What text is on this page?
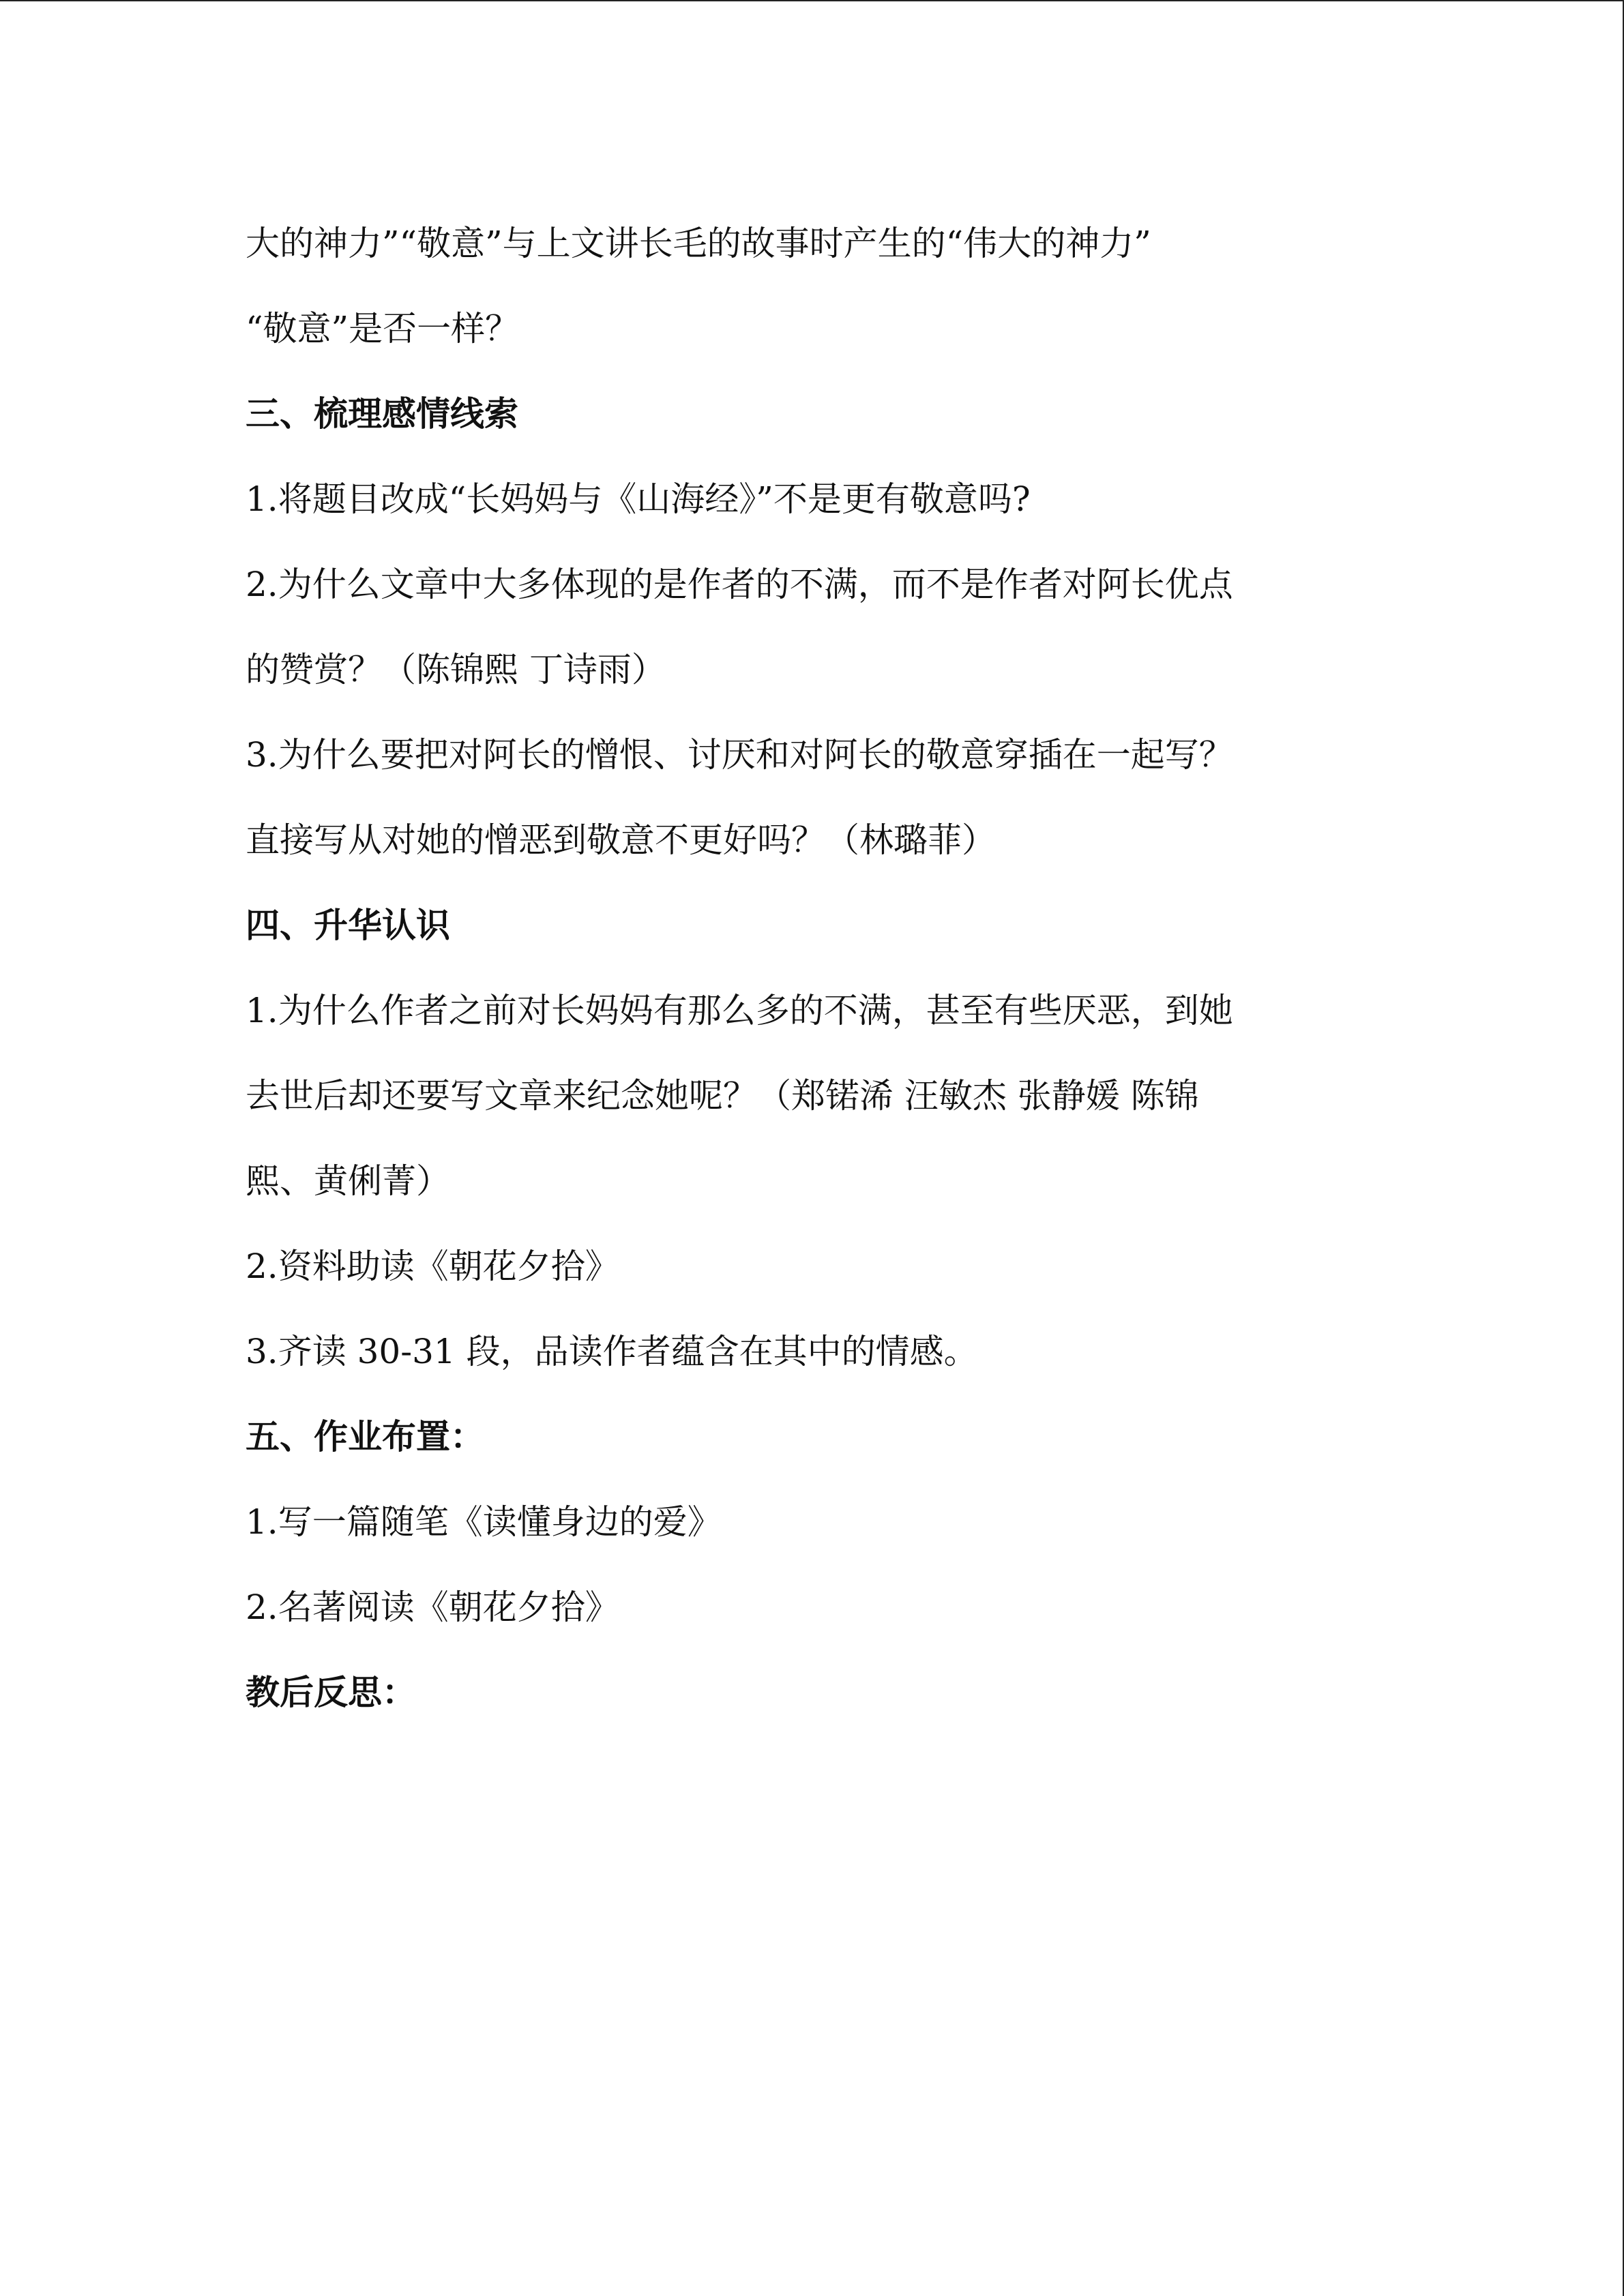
大的神力”“敬意”与上文讲长毛的故事时产生的“伟大的神力”
“敬意”是否一样？
三、梳理感情线索
1.将题目改成“长妈妈与《山海经》”不是更有敬意吗?
2.为什么文章中大多体现的是作者的不满，而不是作者对阿长优点
的赞赏？（陈锦熙 丁诗雨）
3.为什么要把对阿长的憎恨、讨厌和对阿长的敬意穿插在一起写？
直接写从对她的憎恶到敬意不更好吗？（林璐菲）
四、升华认识
1.为什么作者之前对长妈妈有那么多的不满，甚至有些厌恶，到她
去世后却还要写文章来纪念她呢？（郑锘浠 汪敏杰 张静媛 陈锦
熙、黄俐菁）
2.资料助读《朝花夕拾》
3.齐读 30-31 段，品读作者蕴含在其中的情感。
五、作业布置：
1.写一篇随笔《读懂身边的爱》
2.名著阅读《朝花夕拾》
教后反思：
